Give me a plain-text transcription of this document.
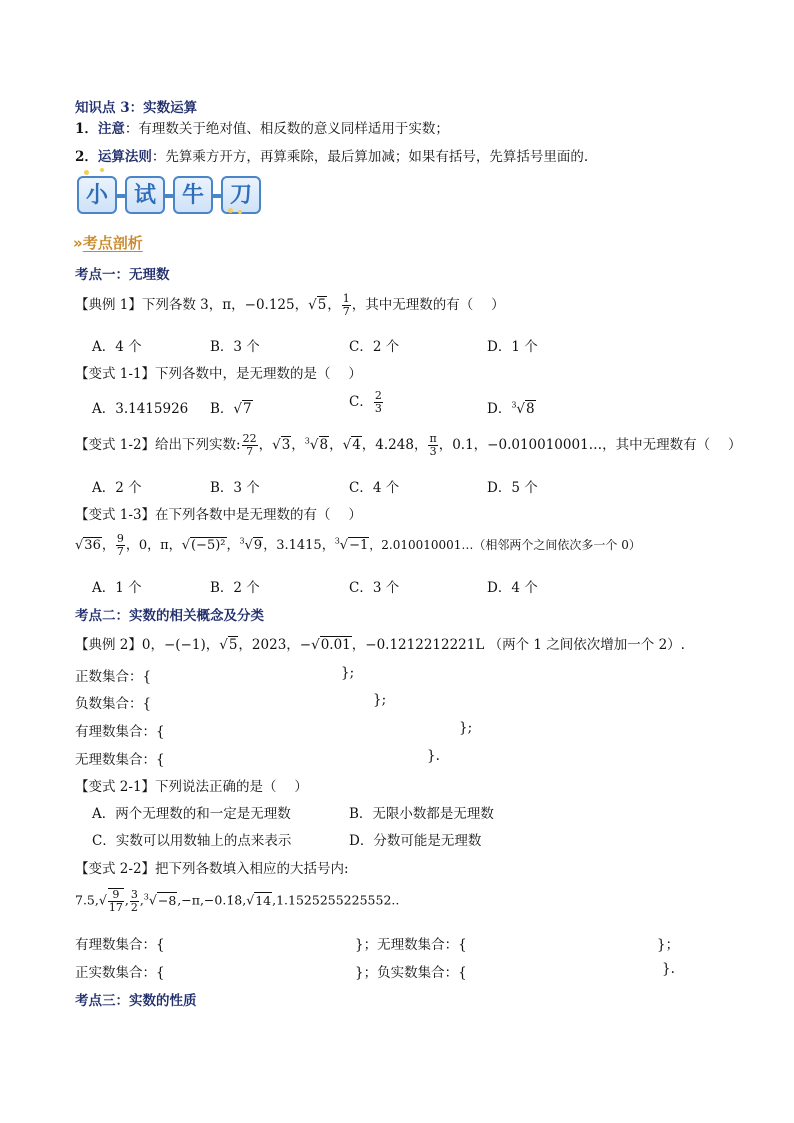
知识点 3：实数运算
1．注意：有理数关于绝对值、相反数的意义同样适用于实数；
2．运算法则：先算乘方开方，再算乘除，最后算加减；如果有括号，先算括号里面的.
小	试	牛	刀
»考点剖析
考点一：无理数
【典例 1】下列各数 3，π，−0.125，√5， $\frac{1}{7}$ ，其中无理数的有（　 ）
A．4 个	B．3 个	C．2 个	D．1 个
【变式 1-1】下列各数中，是无理数的是（　 ）
A．3.1415926 B．√7	C． $\frac{2}{3}$	D．$^3$√8
【变式 1-2】给出下列实数: $\frac{22}{7}$ ，√3，$^3$√8，√4，4.24̇8̇， $\frac{\pi}{3}$ ，0.1，−0.010010001…，其中无理数有（　 ）
A．2 个	B．3 个	C．4 个	D．5 个
【变式 1-3】在下列各数中是无理数的有（　 ）
√36， $\frac{9}{7}$ ，0，π，√(−5)²，$^3$√9，3.1415，$^3$√−1，2.010010001…（相邻两个之间依次多一个 0）
A．1 个	B．2 个	C．3 个	D．4 个
考点二：实数的相关概念及分类
【典例 2】0，−(−1)，√5，2023，−√0.01，−0.1212212221L （两个 1 之间依次增加一个 2）.
正数集合：{	};
负数集合：{	};
有理数集合：{	};
无理数集合：{	}.
【变式 2-1】下列说法正确的是（　 ）
A．两个无理数的和一定是无理数	B．无限小数都是无理数
C．实数可以用数轴上的点来表示	D．分数可能是无理数
【变式 2-2】把下列各数填入相应的大括号内:
$7.5,√ \frac{9}{17}$ , $\frac{3}{2}$ ,$^3$√−8,−π,−0.1̇8̇,√14,1.1525255225552..
有理数集合：{	}；无理数集合：{	}；
正实数集合：{	}；负实数集合：{	}.
考点三：实数的性质
